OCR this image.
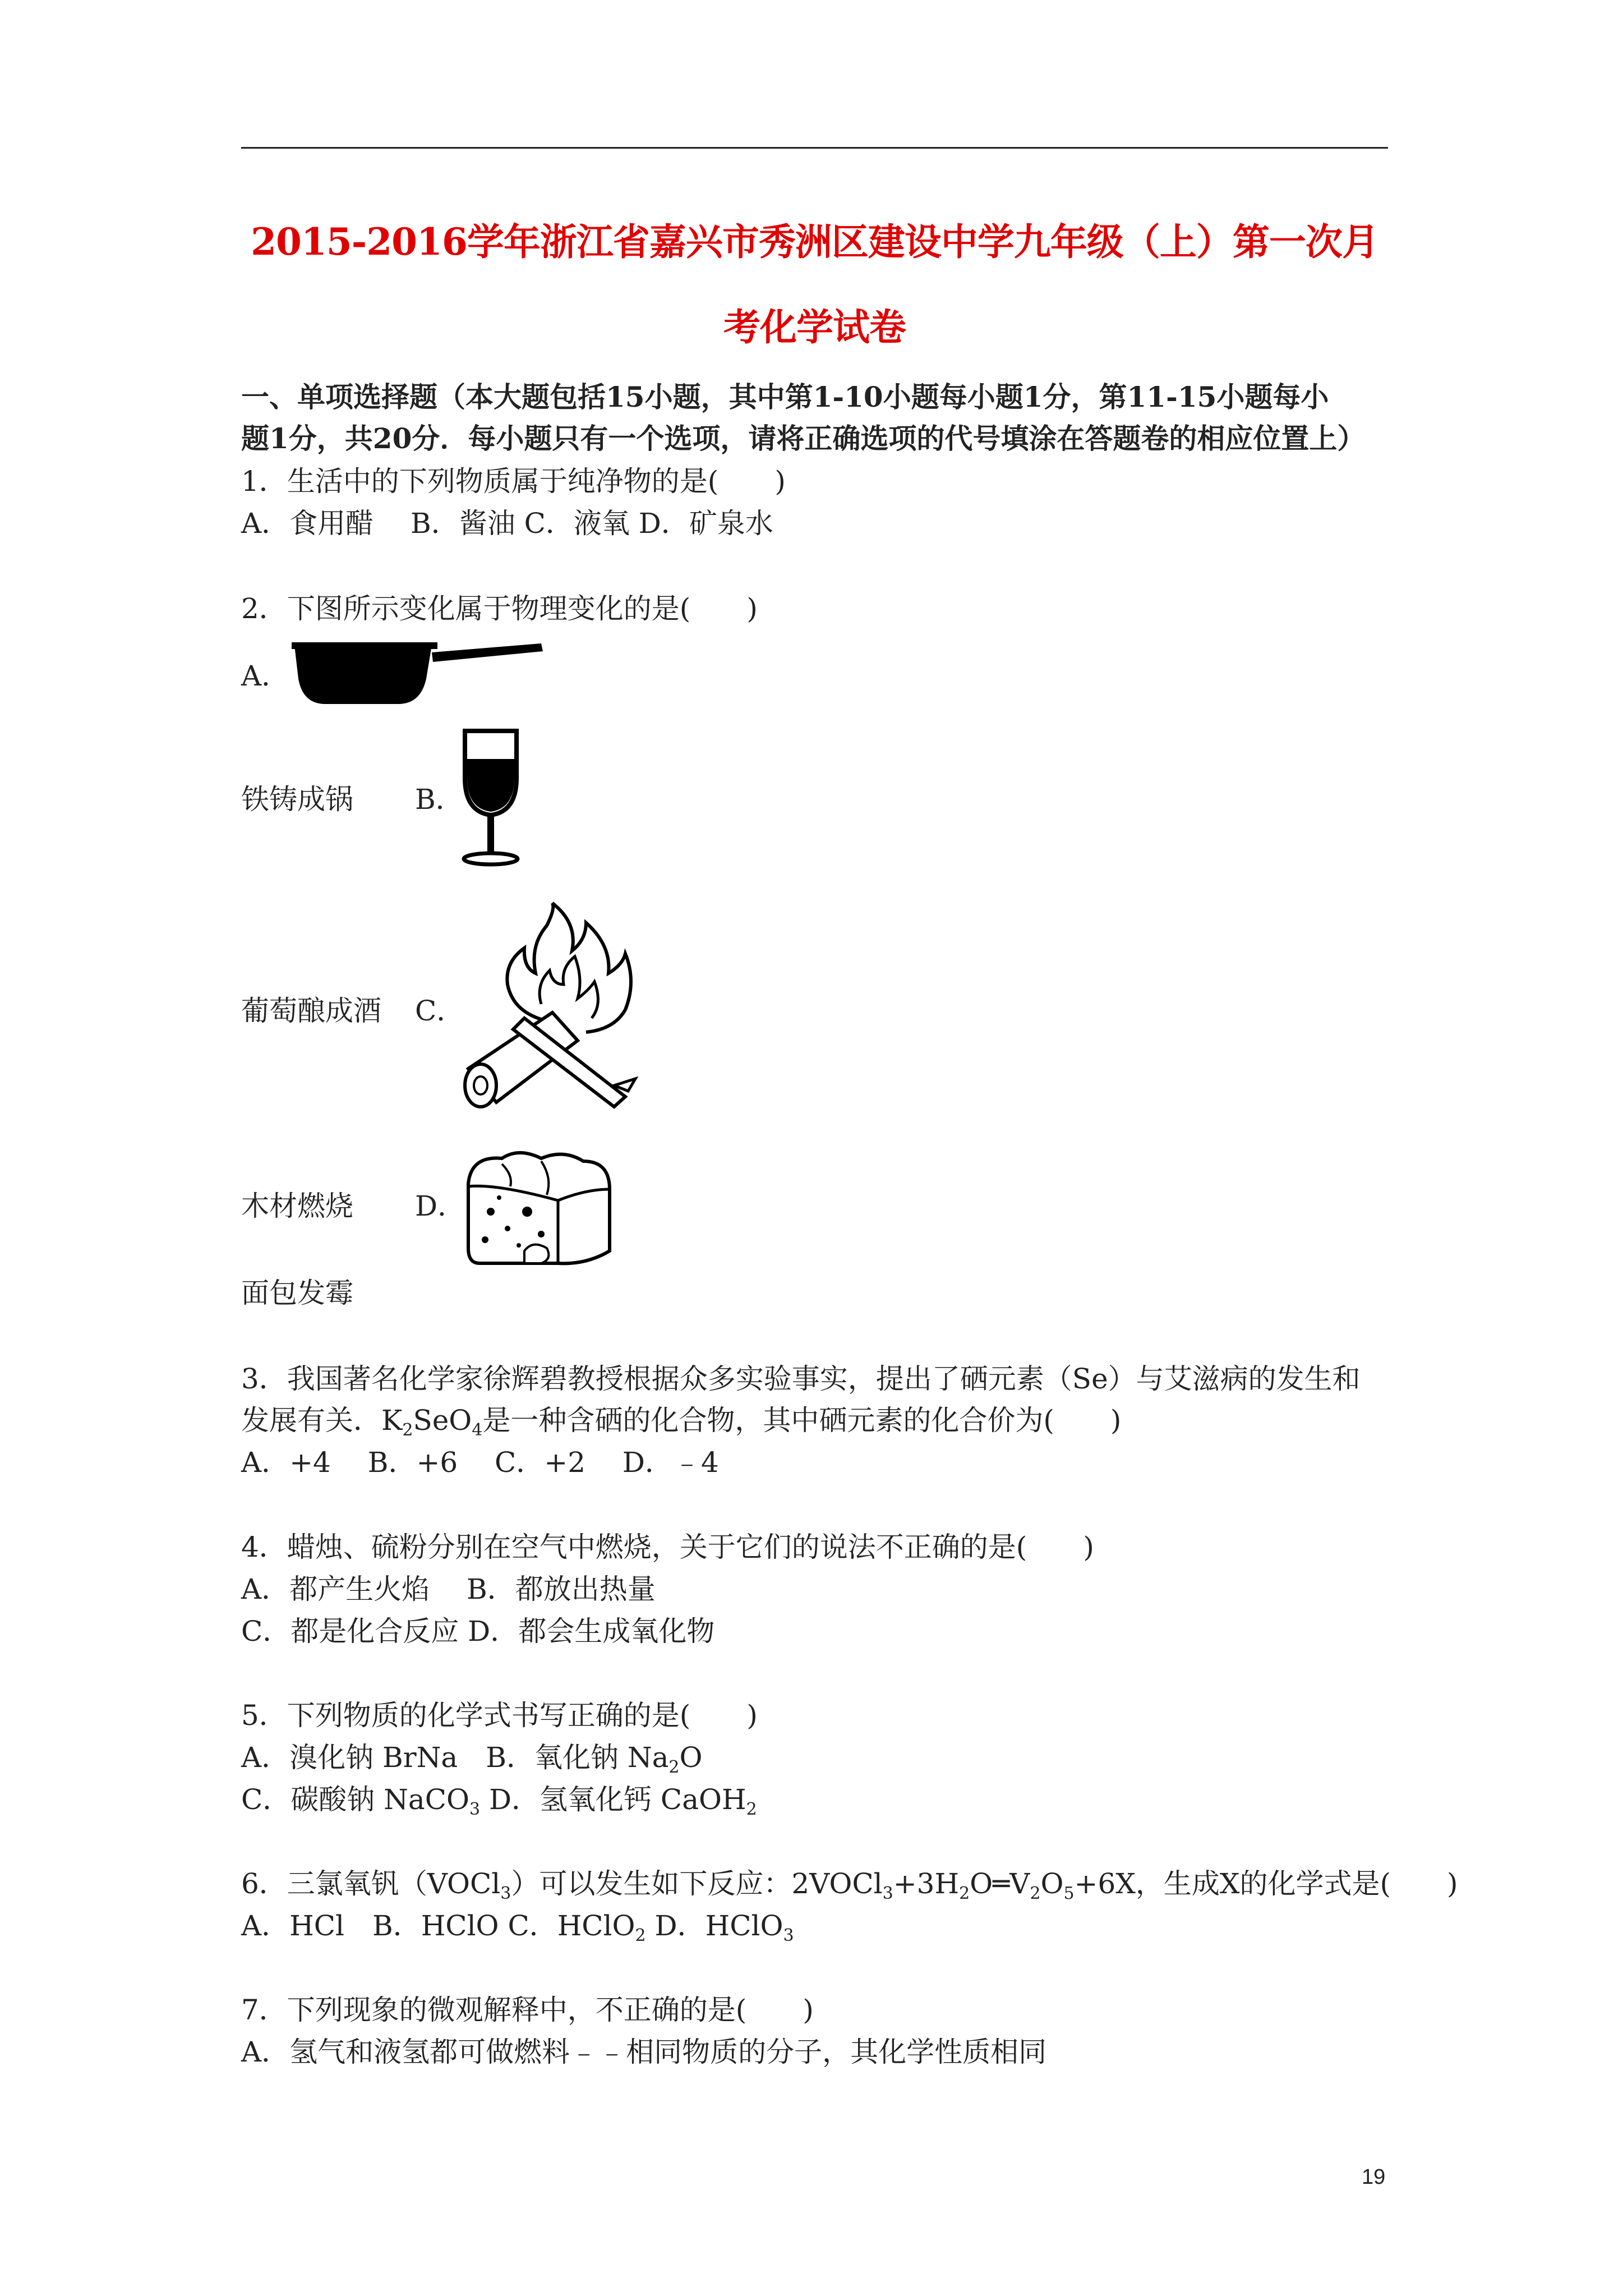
2015-2016学年浙江省嘉兴市秀洲区建设中学九年级（上）第一次月
考化学试卷
一、单项选择题（本大题包括15小题，其中第1-10小题每小题1分，第11-15小题每小
题1分，共20分．每小题只有一个选项，请将正确选项的代号填涂在答题卷的相应位置上）
1．生活中的下列物质属于纯净物的是(　　)
A．食用醋　 B．酱油 C．液氧 D．矿泉水
2．下图所示变化属于物理变化的是(　　)
A．
铁铸成锅 B．
葡萄酿成酒 C．
木材燃烧 D．
面包发霉
3．我国著名化学家徐辉碧教授根据众多实验事实，提出了硒元素（Se）与艾滋病的发生和
发展有关．$K_2SeO_4$是一种含硒的化合物，其中硒元素的化合价为(　　)
A．+4　 B．+6　 C．+2　 D．﹣4
4．蜡烛、硫粉分别在空气中燃烧，关于它们的说法不正确的是(　　)
A．都产生火焰　 B．都放出热量
C．都是化合反应 D．都会生成氧化物
5．下列物质的化学式书写正确的是(　　)
A．溴化钠 BrNa　B．氧化钠 $Na_2O$
C．碳酸钠 NaCO$_3$ D．氢氧化钙 CaOH$_2$
6．三氯氧钒（VOCl$_3$）可以发生如下反应：$2VOCl_3+3H_2O═V_2O_5+6X$，生成X的化学式是(　　)
A．HCl　B．HClO C．HClO$_2$ D．HClO$_3$
7．下列现象的微观解释中，不正确的是(　　)
A．氢气和液氢都可做燃料﹣﹣相同物质的分子，其化学性质相同
19
